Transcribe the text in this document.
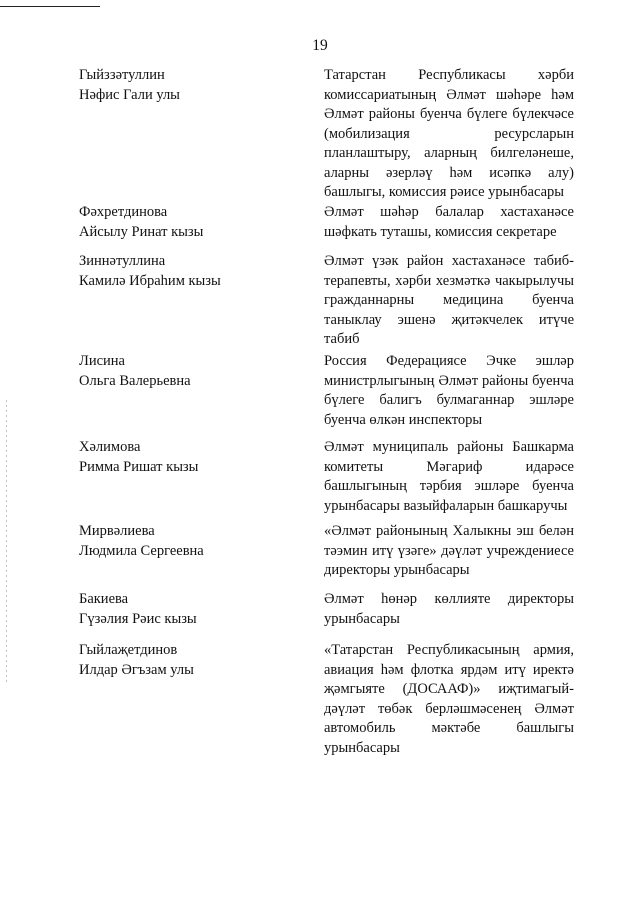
19
Гыйззәтуллин
Нәфис Гали улы
Татарстан Республикасы хәрби комиссариатының Әлмәт шәһәре һәм Әлмәт районы буенча бүлеге бүлекчәсе (мобилизация ресурсларын планлаштыру, аларның билгеләнеше, аларны әзерләү һәм исәпкә алу) башлыгы, комиссия рәисе урынбасары
Фәхретдинова
Айсылу Ринат кызы
Әлмәт шәһәр балалар хастаханәсе шәфкать туташы, комиссия секретаре
Зиннәтуллина
Камилә Ибраһим кызы
Әлмәт үзәк район хастаханәсе табиб-терапевты, хәрби хезмәткә чакырылучы гражданнарны медицина буенча таныклау эшенә җитәкчелек итүче табиб
Лисина
Ольга Валерьевна
Россия Федерациясе Эчке эшләр министрлыгының Әлмәт районы буенча бүлеге балигъ булмаганнар эшләре буенча өлкән инспекторы
Хәлимова
Римма Ришат кызы
Әлмәт муниципаль районы Башкарма комитеты Мәгариф идарәсе башлыгының тәрбия эшләре буенча урынбасары вазыйфаларын башкаручы
Мирвәлиева
Людмила Сергеевна
«Әлмәт районының Халыкны эш белән тәэмин итү үзәге» дәүләт учреждениесе директоры урынбасары
Бакиева
Гүзәлия Рәис кызы
Әлмәт һөнәр көллияте директоры урынбасары
Гыйлаҗетдинов
Илдар Әгъзам улы
«Татарстан Республикасының армия, авиация һәм флотка ярдәм итү иректә җәмгыяте (ДОСААФ)» иҗтимагый-дәүләт төбәк берләшмәсенең Әлмәт автомобиль мәктәбе башлыгы урынбасары
